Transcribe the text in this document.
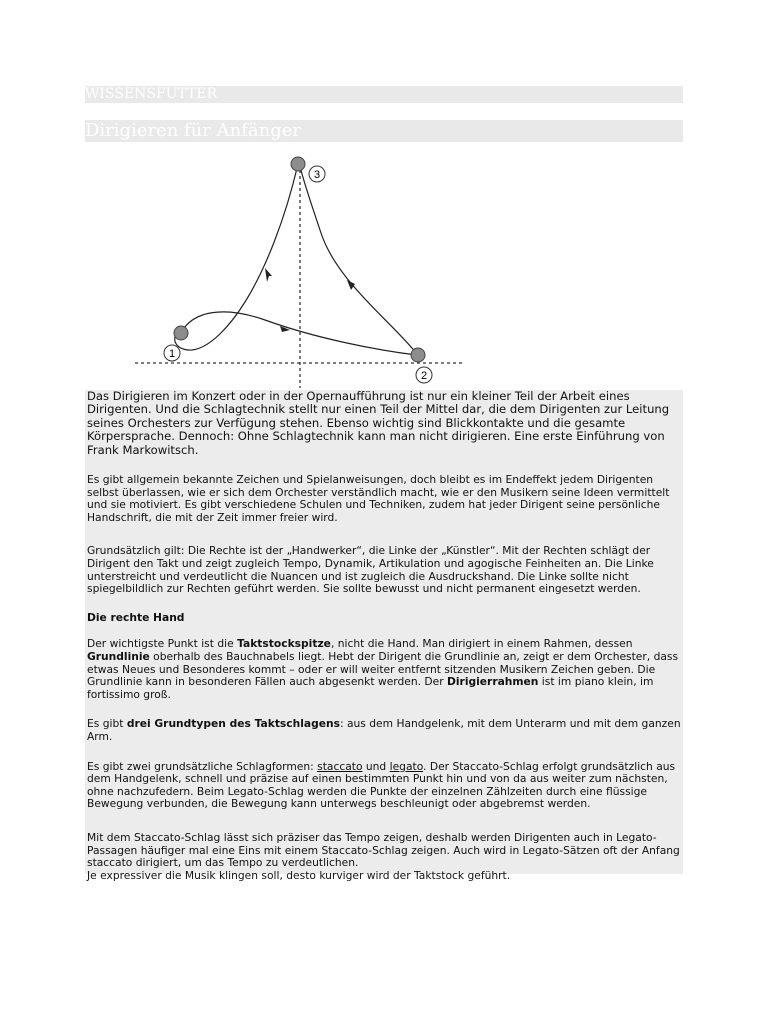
WISSENSFUTTER
Dirigieren für Anfänger
3
1
2

Das Dirigieren im Konzert oder in der Opernaufführung ist nur ein kleiner Teil der Arbeit eines Dirigenten. Und die Schlagtechnik stellt nur einen Teil der Mittel dar, die dem Dirigenten zur Leitung seines Orchesters zur Verfügung stehen. Ebenso wichtig sind Blickkontakte und die gesamte Körpersprache. Dennoch: Ohne Schlagtechnik kann man nicht dirigieren. Eine erste Einführung von Frank Markowitsch.

Es gibt allgemein bekannte Zeichen und Spielanweisungen, doch bleibt es im Endeffekt jedem Dirigenten selbst überlassen, wie er sich dem Orchester verständlich macht, wie er den Musikern seine Ideen vermittelt und sie motiviert. Es gibt verschiedene Schulen und Techniken, zudem hat jeder Dirigent seine persönliche Handschrift, die mit der Zeit immer freier wird.

Grundsätzlich gilt: Die Rechte ist der „Handwerker“, die Linke der „Künstler“. Mit der Rechten schlägt der Dirigent den Takt und zeigt zugleich Tempo, Dynamik, Artikulation und agogische Feinheiten an. Die Linke unterstreicht und verdeutlicht die Nuancen und ist zugleich die Ausdruckshand. Die Linke sollte nicht spiegelbildlich zur Rechten geführt werden. Sie sollte bewusst und nicht permanent eingesetzt werden.

Die rechte Hand

Der wichtigste Punkt ist die Taktstockspitze, nicht die Hand. Man dirigiert in einem Rahmen, dessen Grundlinie oberhalb des Bauchnabels liegt. Hebt der Dirigent die Grundlinie an, zeigt er dem Orchester, dass etwas Neues und Besonderes kommt – oder er will weiter entfernt sitzenden Musikern Zeichen geben. Die Grundlinie kann in besonderen Fällen auch abgesenkt werden. Der Dirigierrahmen ist im piano klein, im fortissimo groß.

Es gibt drei Grundtypen des Taktschlagens: aus dem Handgelenk, mit dem Unterarm und mit dem ganzen Arm.

Es gibt zwei grundsätzliche Schlagformen: staccato und legato. Der Staccato-Schlag erfolgt grundsätzlich aus dem Handgelenk, schnell und präzise auf einen bestimmten Punkt hin und von da aus weiter zum nächsten, ohne nachzufedern. Beim Legato-Schlag werden die Punkte der einzelnen Zählzeiten durch eine flüssige Bewegung verbunden, die Bewegung kann unterwegs beschleunigt oder abgebremst werden.

Mit dem Staccato-Schlag lässt sich präziser das Tempo zeigen, deshalb werden Dirigenten auch in Legato-Passagen häufiger mal eine Eins mit einem Staccato-Schlag zeigen. Auch wird in Legato-Sätzen oft der Anfang staccato dirigiert, um das Tempo zu verdeutlichen.

Je expressiver die Musik klingen soll, desto kurviger wird der Taktstock geführt.
